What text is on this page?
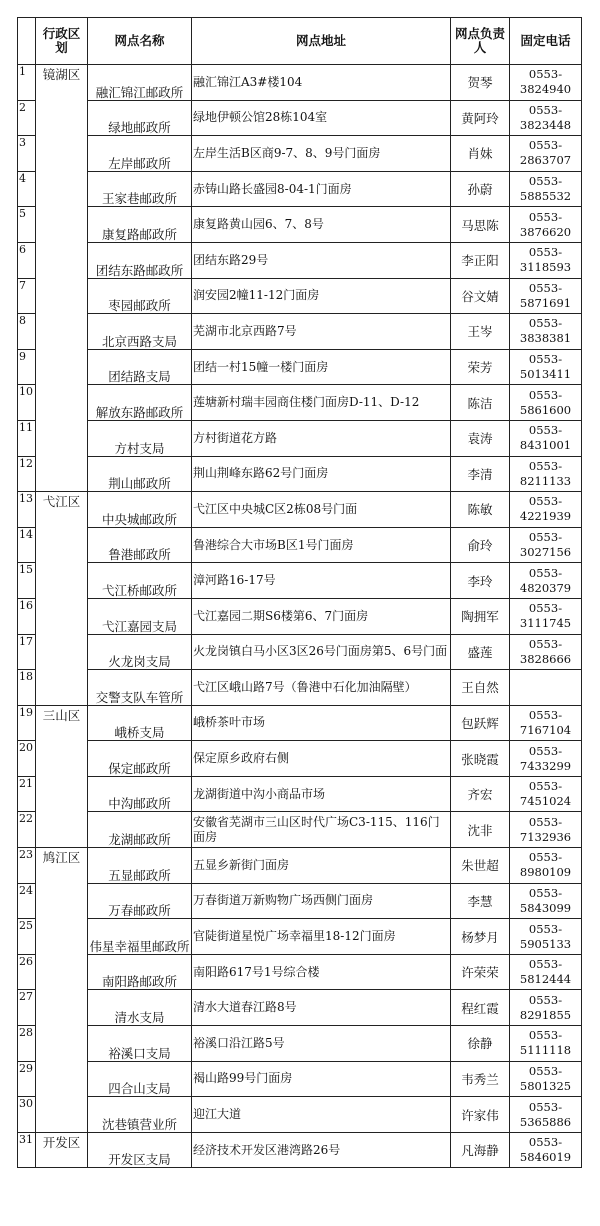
	行政区划	网点名称	网点地址	网点负责人	固定电话
1	镜湖区	融汇锦江邮政所	融汇锦江A3#楼104	贺琴	0553-
3824940

2		绿地邮政所	绿地伊顿公馆28栋104室	黄阿玲	0553-
3823448

3		左岸邮政所	左岸生活B区商9-7、8、9号门面房	肖妹	0553-
2863707

4		王家巷邮政所	赤铸山路长盛园8-04-1门面房	孙蔚	0553-
5885532

5		康复路邮政所	康复路黄山园6、7、8号	马思陈	0553-
3876620

6		团结东路邮政所	团结东路29号	李正阳	0553-
3118593

7		枣园邮政所	润安园2幢11-12门面房	谷文婧	0553-
5871691

8		北京西路支局	芜湖市北京西路7号	王岑	0553-
3838381

9		团结路支局	团结一村15幢一楼门面房	荣芳	0553-
5013411

10		解放东路邮政所	莲塘新村瑞丰园商住楼门面房D-11、D-12	陈洁	0553-
5861600

11		方村支局	方村街道花方路	袁涛	0553-
8431001

12		荆山邮政所	荆山荆峰东路62号门面房	李清	0553-
8211133

13	弋江区	中央城邮政所	弋江区中央城C区2栋08号门面	陈敏	0553-
4221939

14		鲁港邮政所	鲁港综合大市场B区1号门面房	俞玲	0553-
3027156

15		弋江桥邮政所	漳河路16-17号	李玲	0553-
4820379

16		弋江嘉园支局	弋江嘉园二期S6楼第6、7门面房	陶拥军	0553-
3111745

17		火龙岗支局	火龙岗镇白马小区3区26号门面房第5、6号门面	盛莲	0553-
3828666

18		交警支队车管所	弋江区峨山路7号（鲁港中石化加油隔壁）	王自然	

19	三山区	峨桥支局	峨桥茶叶市场	包跃辉	0553-
7167104

20		保定邮政所	保定原乡政府右侧	张晓霞	0553-
7433299

21		中沟邮政所	龙湖街道中沟小商品市场	齐宏	0553-
7451024

22		龙湖邮政所	安徽省芜湖市三山区时代广场C3-115、116门面房	沈非	0553-
7132936

23	鸠江区	五显邮政所	五显乡新街门面房	朱世超	0553-
8980109

24		万春邮政所	万春街道万新购物广场西侧门面房	李慧	0553-
5843099

25		伟星幸福里邮政所	官陡街道星悦广场幸福里18-12门面房	杨梦月	0553-
5905133

26		南阳路邮政所	南阳路617号1号综合楼	许荣荣	0553-
5812444

27		清水支局	清水大道春江路8号	程红霞	0553-
8291855

28		裕溪口支局	裕溪口沿江路5号	徐静	0553-
5111118

29		四合山支局	褐山路99号门面房	韦秀兰	0553-
5801325

30		沈巷镇营业所	迎江大道	许家伟	0553-
5365886

31	开发区	开发区支局	经济技术开发区港湾路26号	凡海静	0553-
5846019
